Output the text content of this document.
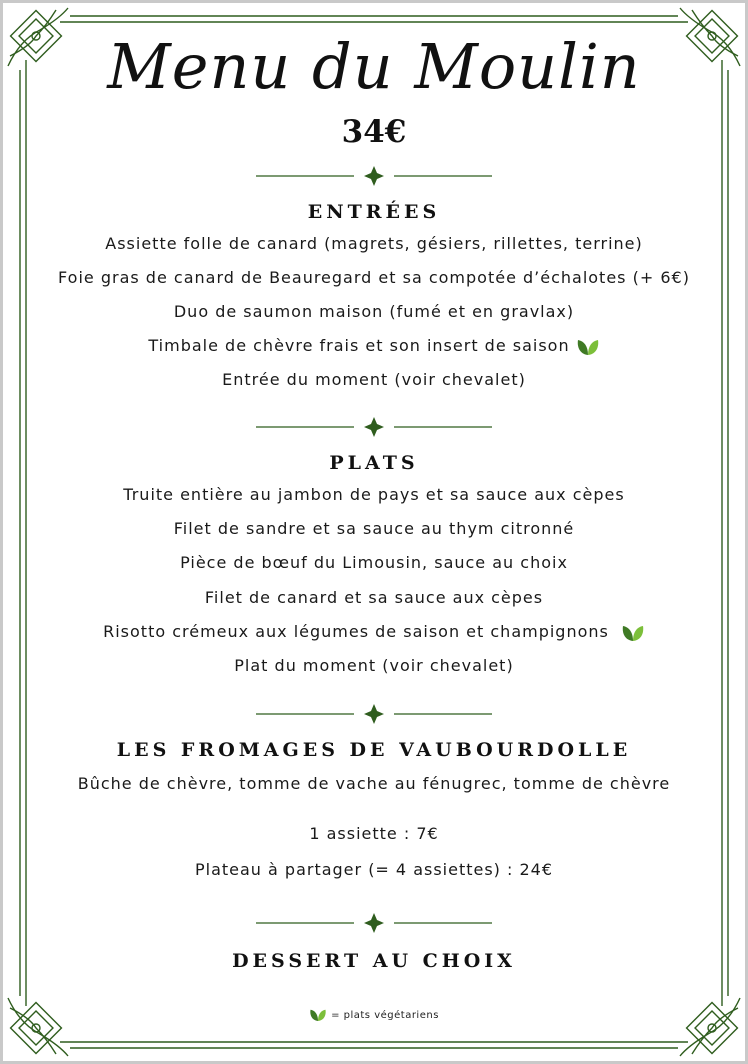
Menu du Moulin
34€
ENTRÉES
Assiette folle de canard (magrets, gésiers, rillettes, terrine)
Foie gras de canard de Beauregard et sa compotée d’échalotes (+ 6€)
Duo de saumon maison (fumé et en gravlax)
Timbale de chèvre frais et son insert de saison
Entrée du moment (voir chevalet)
PLATS
Truite entière au jambon de pays et sa sauce aux cèpes
Filet de sandre et sa sauce au thym citronné
Pièce de bœuf du Limousin, sauce au choix
Filet de canard et sa sauce aux cèpes
Risotto crémeux aux légumes de saison et champignons
Plat du moment (voir chevalet)
LES FROMAGES DE VAUBOURDOLLE
Bûche de chèvre, tomme de vache au fénugrec, tomme de chèvre
1 assiette : 7€
Plateau à partager (= 4 assiettes) : 24€
DESSERT AU CHOIX
= plats végétariens
